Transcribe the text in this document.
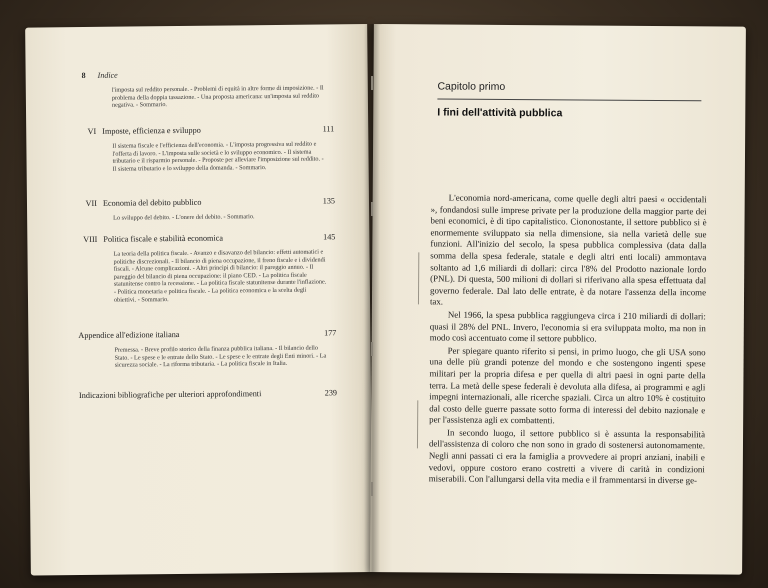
8 Indice
l'imposta sul reddito personale. - Problemi di equità in altre forme di imposizione. - Il problema della doppia tassazione. - Una proposta americana: un'imposta sul reddito negativa. - Sommario.
VI Imposte, efficienza e sviluppo	111
Il sistema fiscale e l'efficienza dell'economia. - L'imposta progressiva sul reddito e l'offerta di lavoro. - L'imposta sulle società e lo sviluppo economico. - Il sistema tributario e il risparmio personale. - Proposte per alleviare l'imposizione sul reddito. - Il sistema tributario e lo sviluppo della domanda. - Sommario.
VII Economia del debito pubblico	135
Lo sviluppo del debito. - L'onere del debito. - Sommario.
VIII Politica fiscale e stabilità economica	145
La teoria della politica fiscale. - Avanzo e disavanzo del bilancio: effetti automatici e politiche discrezionali. - Il bilancio di piena occupazione, il freno fiscale e i dividendi fiscali. - Alcune complicazioni. - Altri principi di bilancio: il pareggio annuo. - Il pareggio del bilancio di piena occupazione: il piano CED. - La politica fiscale statunitense contro la recessione. - La politica fiscale statunitense durante l'inflazione. - Politica monetaria e politica fiscale. - La politica economica e la scelta degli obiettivi. - Sommario.
Appendice all'edizione italiana	177
Premessa. - Breve profilo storico della finanza pubblica italiana. - Il bilancio dello Stato. - Le spese e le entrate dello Stato. - Le spese e le entrate degli Enti minori. - La sicurezza sociale. - La riforma tributaria. - La politica fiscale in Italia.
Indicazioni bibliografiche per ulteriori approfondimenti	239
Capitolo primo
I fini dell'attività pubblica

L'economia nord-americana, come quelle degli altri paesi « occidentali », fondandosi sulle imprese private per la produzione della maggior parte dei beni economici, è di tipo capitalistico. Ciononostante, il settore pubblico si è enormemente sviluppato sia nella dimensione, sia nella varietà delle sue funzioni. All'inizio del secolo, la spesa pubblica complessiva (data dalla somma della spesa federale, statale e degli altri enti locali) ammontava soltanto ad 1,6 miliardi di dollari: circa l'8% del Prodotto nazionale lordo (PNL). Di questa, 500 milioni di dollari si riferivano alla spesa effettuata dal governo federale. Dal lato delle entrate, è da notare l'assenza della income tax.

Nel 1966, la spesa pubblica raggiungeva circa i 210 miliardi di dollari: quasi il 28% del PNL. Invero, l'economia si era sviluppata molto, ma non in modo così accentuato come il settore pubblico.

Per spiegare quanto riferito si pensi, in primo luogo, che gli USA sono una delle più grandi potenze del mondo e che sostengono ingenti spese militari per la propria difesa e per quella di altri paesi in ogni parte della terra. La metà delle spese federali è devoluta alla difesa, ai programmi e agli impegni internazionali, alle ricerche spaziali. Circa un altro 10% è costituito dal costo delle guerre passate sotto forma di interessi del debito nazionale e per l'assistenza agli ex combattenti.

In secondo luogo, il settore pubblico si è assunta la responsabilità dell'assistenza di coloro che non sono in grado di sostenersi autonomamente. Negli anni passati ci era la famiglia a provvedere ai propri anziani, inabili e vedovi, oppure costoro erano costretti a vivere di carità in condizioni miserabili. Con l'allungarsi della vita media e il frammentarsi in diverse ge-
